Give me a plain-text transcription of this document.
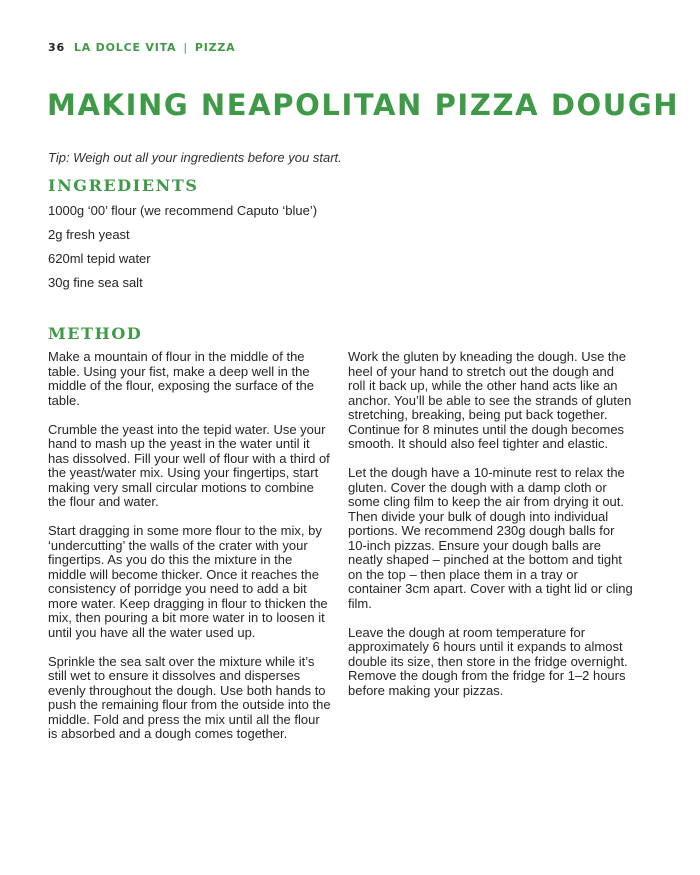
36 LA DOLCE VITA | PIZZA
MAKING NEAPOLITAN PIZZA DOUGH
Tip: Weigh out all your ingredients before you start.
INGREDIENTS
1000g ‘00’ flour (we recommend Caputo ‘blue’)
2g fresh yeast
620ml tepid water
30g fine sea salt
METHOD

Make a mountain of flour in the middle of the table. Using your fist, make a deep well in the middle of the flour, exposing the surface of the table.

Crumble the yeast into the tepid water. Use your hand to mash up the yeast in the water until it has dissolved. Fill your well of flour with a third of the yeast/water mix. Using your fingertips, start making very small circular motions to combine the flour and water.

Start dragging in some more flour to the mix, by ‘undercutting’ the walls of the crater with your fingertips. As you do this the mixture in the middle will become thicker. Once it reaches the consistency of porridge you need to add a bit more water. Keep dragging in flour to thicken the mix, then pouring a bit more water in to loosen it until you have all the water used up.

Sprinkle the sea salt over the mixture while it’s still wet to ensure it dissolves and disperses evenly throughout the dough. Use both hands to push the remaining flour from the outside into the middle. Fold and press the mix until all the flour is absorbed and a dough comes together.

Work the gluten by kneading the dough. Use the heel of your hand to stretch out the dough and roll it back up, while the other hand acts like an anchor. You’ll be able to see the strands of gluten stretching, breaking, being put back together. Continue for 8 minutes until the dough becomes smooth. It should also feel tighter and elastic.

Let the dough have a 10-minute rest to relax the gluten. Cover the dough with a damp cloth or some cling film to keep the air from drying it out. Then divide your bulk of dough into individual portions. We recommend 230g dough balls for 10-inch pizzas. Ensure your dough balls are neatly shaped – pinched at the bottom and tight on the top – then place them in a tray or container 3cm apart. Cover with a tight lid or cling film.

Leave the dough at room temperature for approximately 6 hours until it expands to almost double its size, then store in the fridge overnight. Remove the dough from the fridge for 1–2 hours before making your pizzas.
